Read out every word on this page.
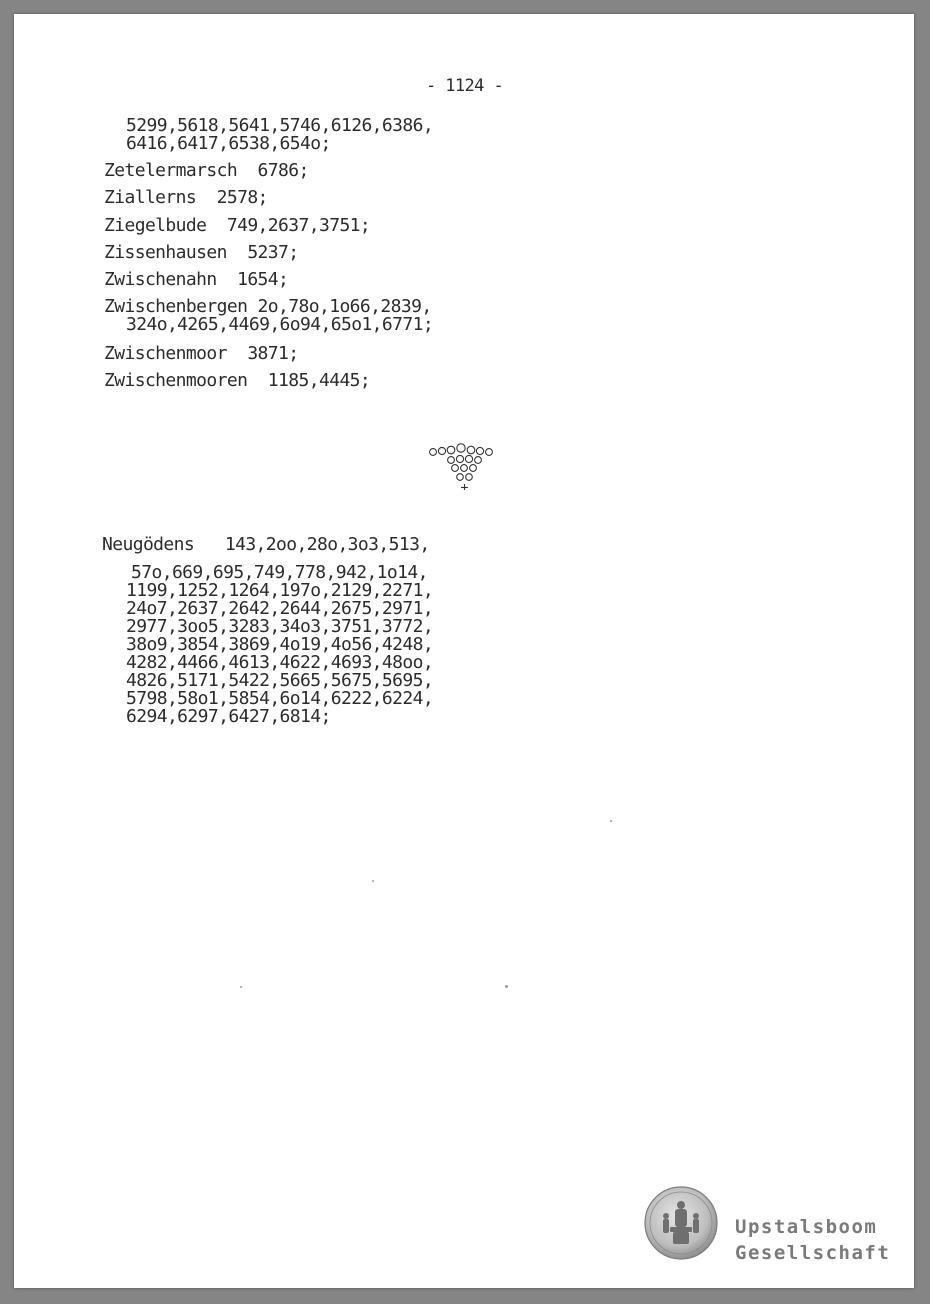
- 1124 -
5299,5618,5641,5746,6126,6386,
6416,6417,6538,654o;
Zetelermarsch  6786;
Ziallerns  2578;
Ziegelbude  749,2637,3751;
Zissenhausen  5237;
Zwischenahn  1654;
Zwischenbergen 2o,78o,1o66,2839,
324o,4265,4469,6o94,65o1,6771;
Zwischenmoor  3871;
Zwischenmooren  1185,4445;
Neugödens   143,2oo,28o,3o3,513,
57o,669,695,749,778,942,1o14,
1199,1252,1264,197o,2129,2271,
24o7,2637,2642,2644,2675,2971,
2977,3oo5,3283,34o3,3751,3772,
38o9,3854,3869,4o19,4o56,4248,
4282,4466,4613,4622,4693,48oo,
4826,5171,5422,5665,5675,5695,
5798,58o1,5854,6o14,6222,6224,
6294,6297,6427,6814;
Upstalsboom
Gesellschaft
